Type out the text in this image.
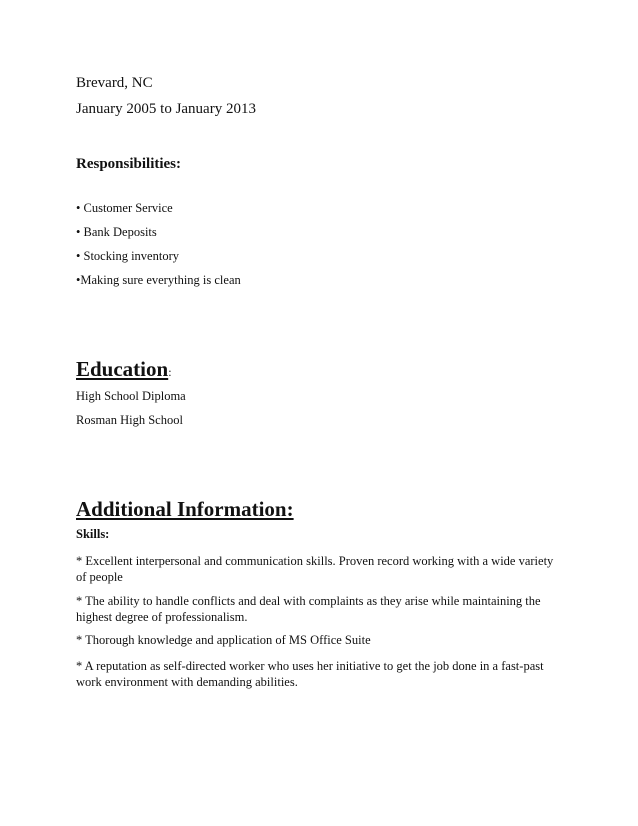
Brevard, NC

January 2005 to January 2013

Responsibilities:

• Customer Service

• Bank Deposits

• Stocking inventory

•Making sure everything is clean

Education:

High School Diploma

Rosman High School

Additional Information:

Skills:

* Excellent interpersonal and communication skills. Proven record working with a wide variety of people

* The ability to handle conflicts and deal with complaints as they arise while maintaining the highest degree of professionalism.

* Thorough knowledge and application of MS Office Suite

* A reputation as self-directed worker who uses her initiative to get the job done in a fast-past work environment with demanding abilities.
